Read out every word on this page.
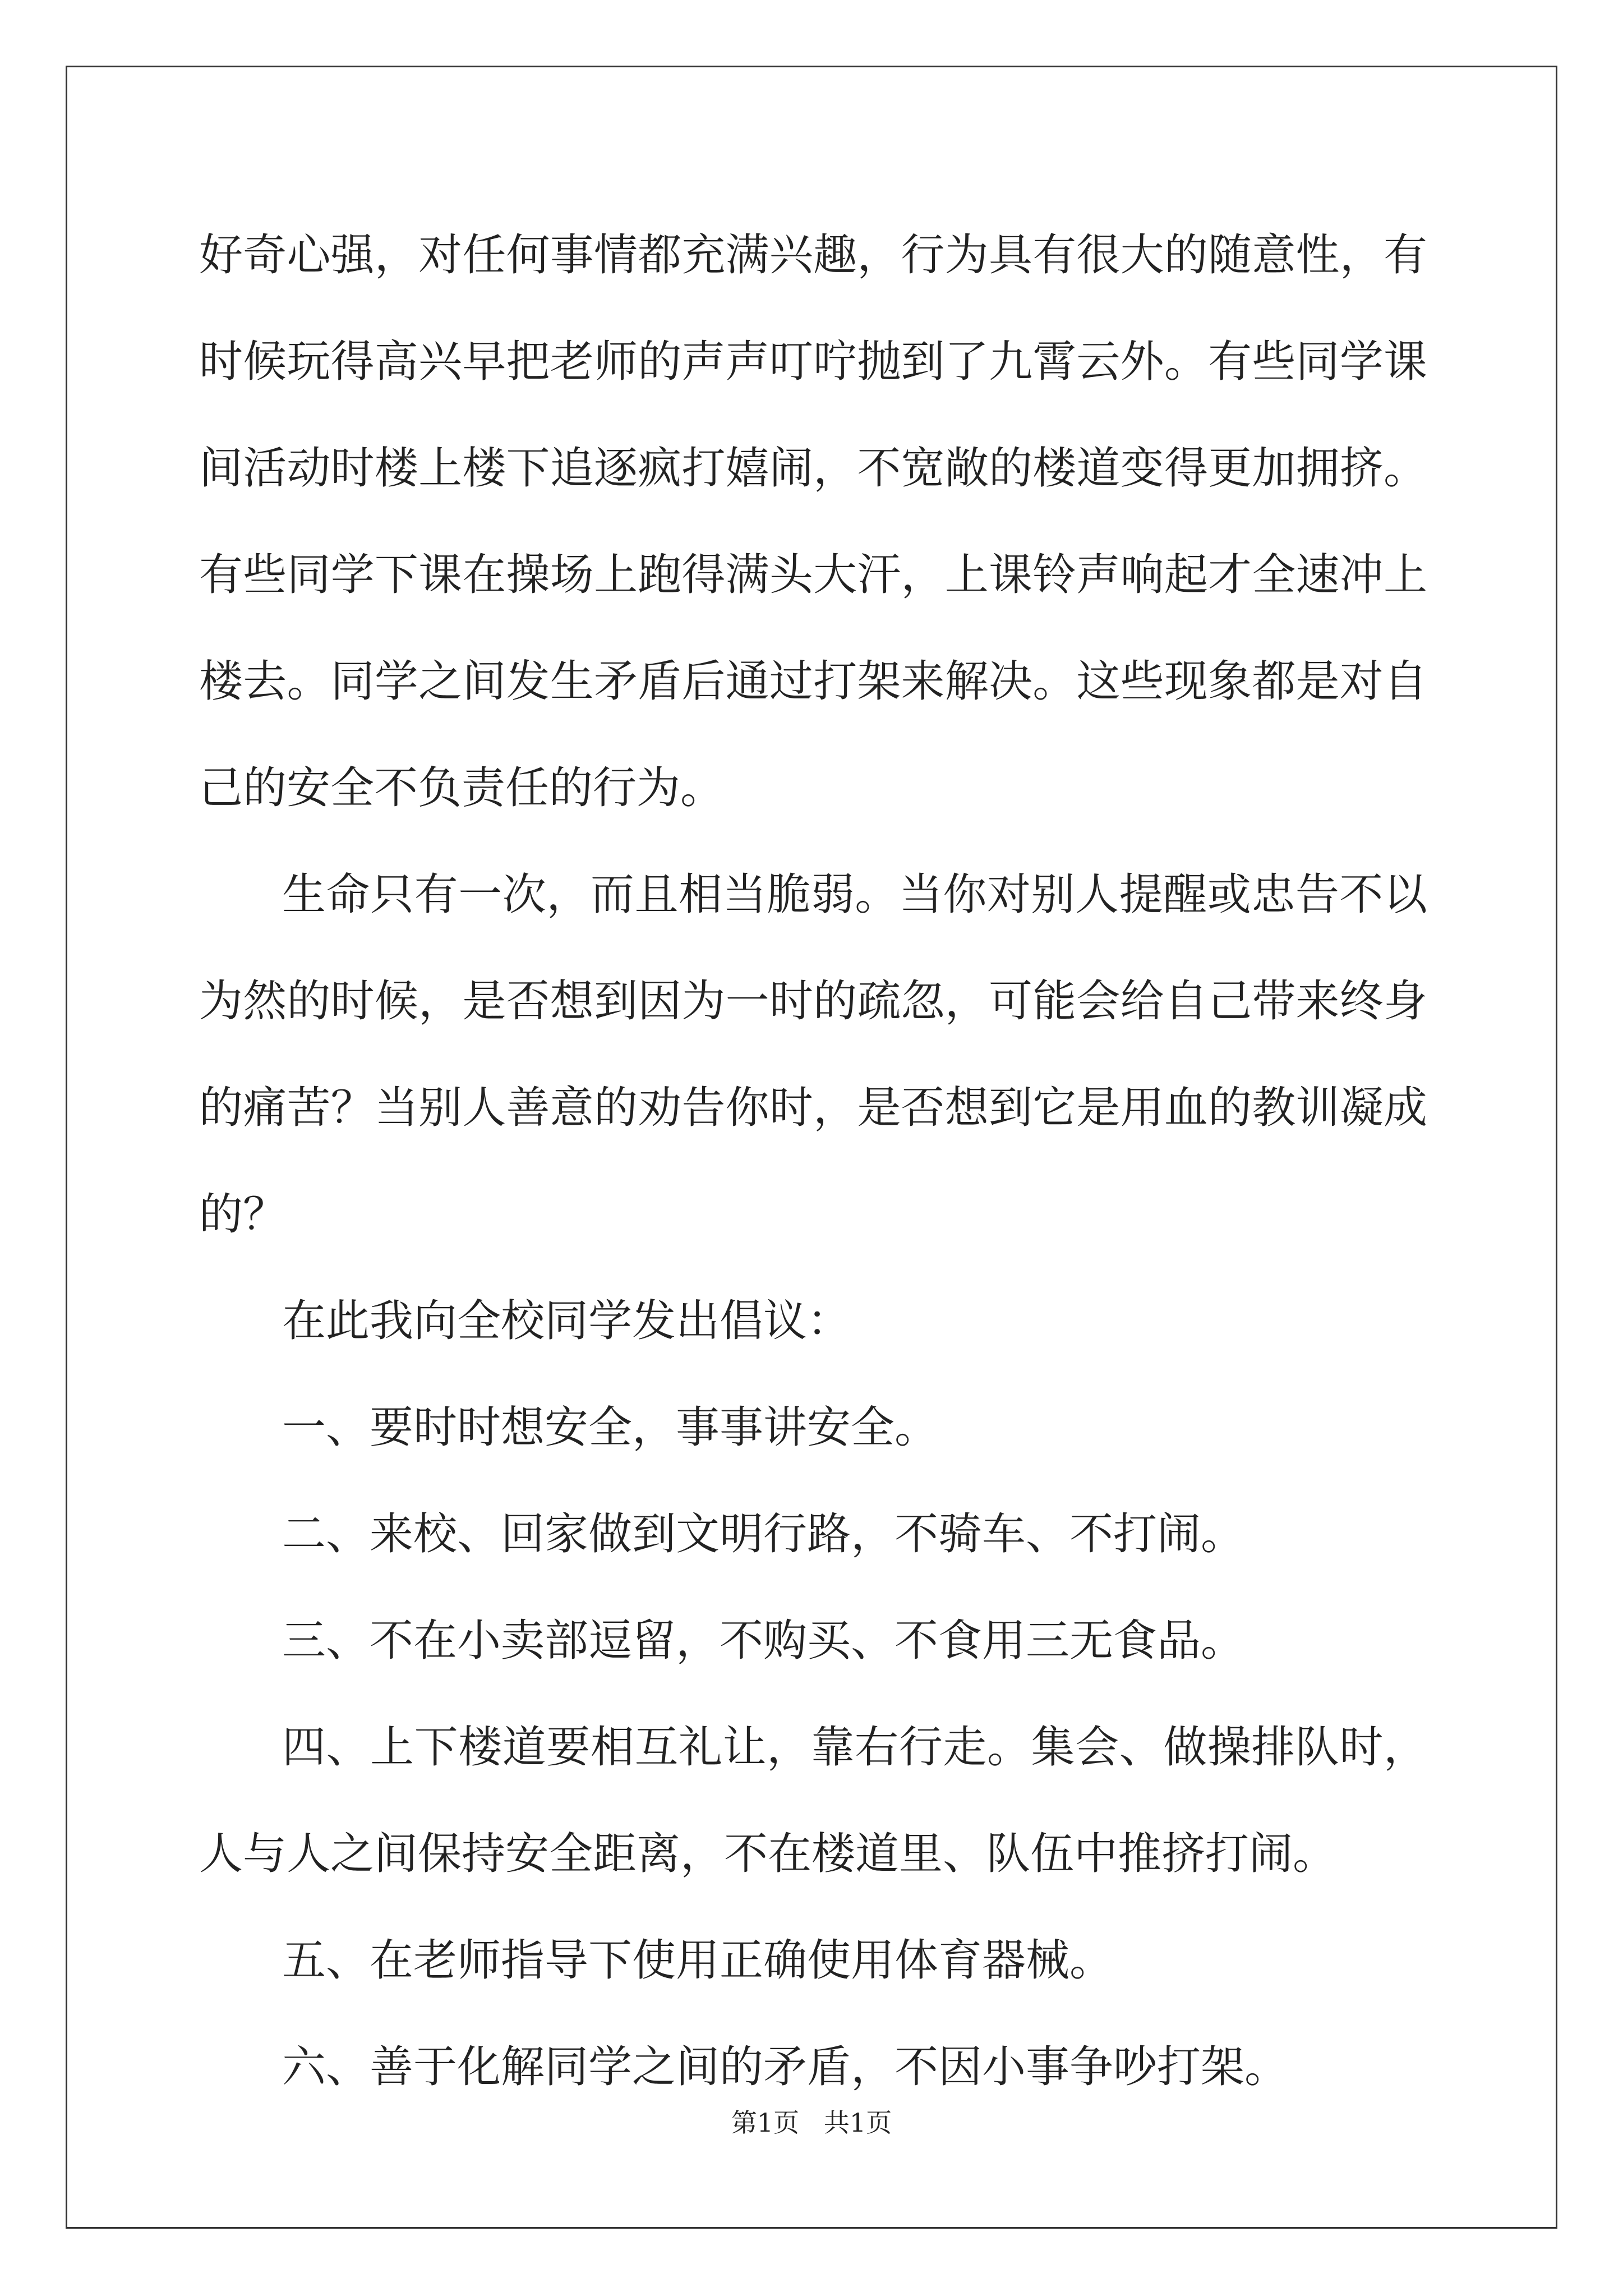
好奇心强，对任何事情都充满兴趣，行为具有很大的随意性，有时候玩得高兴早把老师的声声叮咛抛到了九霄云外。有些同学课间活动时楼上楼下追逐疯打嬉闹，不宽敞的楼道变得更加拥挤。有些同学下课在操场上跑得满头大汗，上课铃声响起才全速冲上楼去。同学之间发生矛盾后通过打架来解决。这些现象都是对自己的安全不负责任的行为。

生命只有一次，而且相当脆弱。当你对别人提醒或忠告不以为然的时候，是否想到因为一时的疏忽，可能会给自己带来终身的痛苦？当别人善意的劝告你时，是否想到它是用血的教训凝成的？

在此我向全校同学发出倡议：

一、要时时想安全，事事讲安全。

二、来校、回家做到文明行路，不骑车、不打闹。

三、不在小卖部逗留，不购买、不食用三无食品。

四、上下楼道要相互礼让，靠右行走。集会、做操排队时，人与人之间保持安全距离，不在楼道里、队伍中推挤打闹。

五、在老师指导下使用正确使用体育器械。

六、善于化解同学之间的矛盾，不因小事争吵打架。

第1页   共1页
